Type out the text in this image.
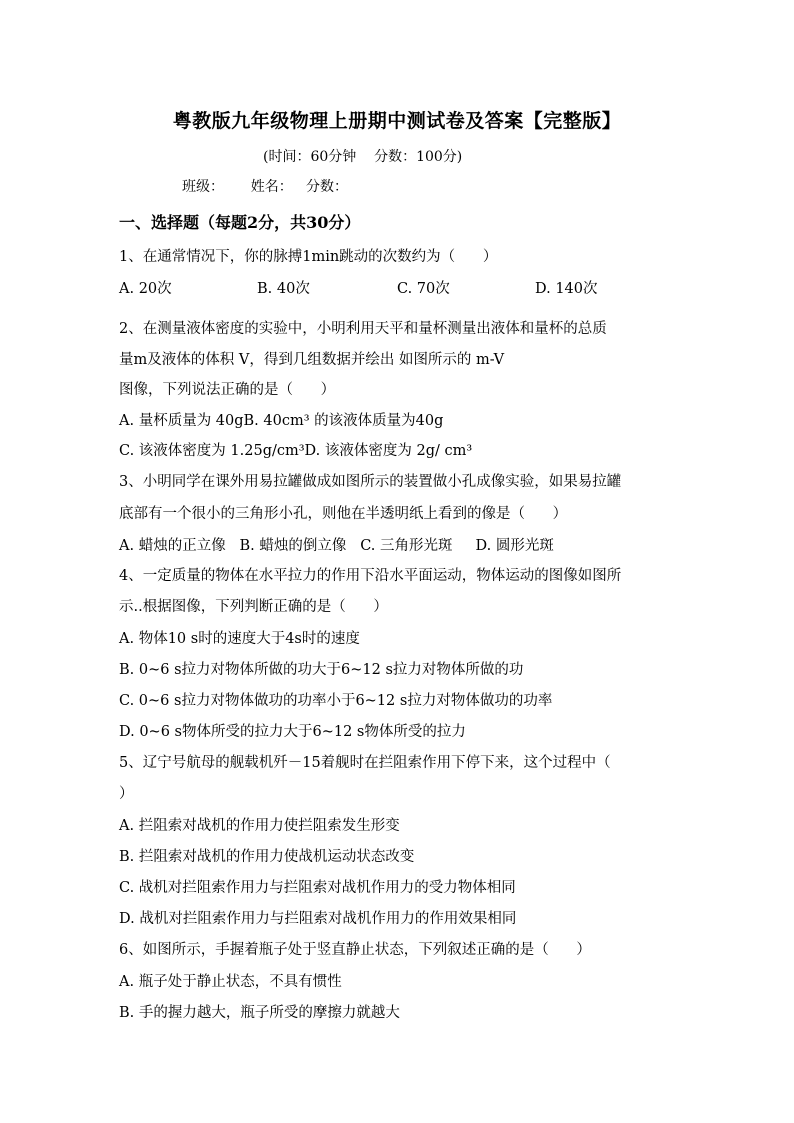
粤教版九年级物理上册期中测试卷及答案【完整版】
(时间：60分钟    分数：100分)
班级：      姓名：   分数：
一、选择题（每题2分，共30分）
1、在通常情况下，你的脉搏1min跳动的次数约为（      ）
A. 20次	B. 40次	C. 70次	D. 140次
2、在测量液体密度的实验中，小明利用天平和量杯测量出液体和量杯的总质
量m及液体的体积 V，得到几组数据并绘出 如图所示的 m-V
图像，下列说法正确的是（      ）
A. 量杯质量为 40gB. 40cm³ 的该液体质量为40g
C. 该液体密度为 1.25g/cm³D. 该液体密度为 2g/ cm³
3、小明同学在课外用易拉罐做成如图所示的装置做小孔成像实验，如果易拉罐
底部有一个很小的三角形小孔，则他在半透明纸上看到的像是（      ）
A. 蜡烛的正立像   B. 蜡烛的倒立像   C. 三角形光斑     D. 圆形光斑
4、一定质量的物体在水平拉力的作用下沿水平面运动，物体运动的图像如图所
示..根据图像，下列判断正确的是（      ）
A. 物体10 s时的速度大于4s时的速度
B. 0~6 s拉力对物体所做的功大于6~12 s拉力对物体所做的功
C. 0~6 s拉力对物体做功的功率小于6~12 s拉力对物体做功的功率
D. 0~6 s物体所受的拉力大于6~12 s物体所受的拉力
5、辽宁号航母的舰载机歼－15着舰时在拦阻索作用下停下来，这个过程中（
）
A. 拦阻索对战机的作用力使拦阻索发生形变
B. 拦阻索对战机的作用力使战机运动状态改变
C. 战机对拦阻索作用力与拦阻索对战机作用力的受力物体相同
D. 战机对拦阻索作用力与拦阻索对战机作用力的作用效果相同
6、如图所示，手握着瓶子处于竖直静止状态，下列叙述正确的是（      ）
A. 瓶子处于静止状态，不具有惯性
B. 手的握力越大，瓶子所受的摩擦力就越大
